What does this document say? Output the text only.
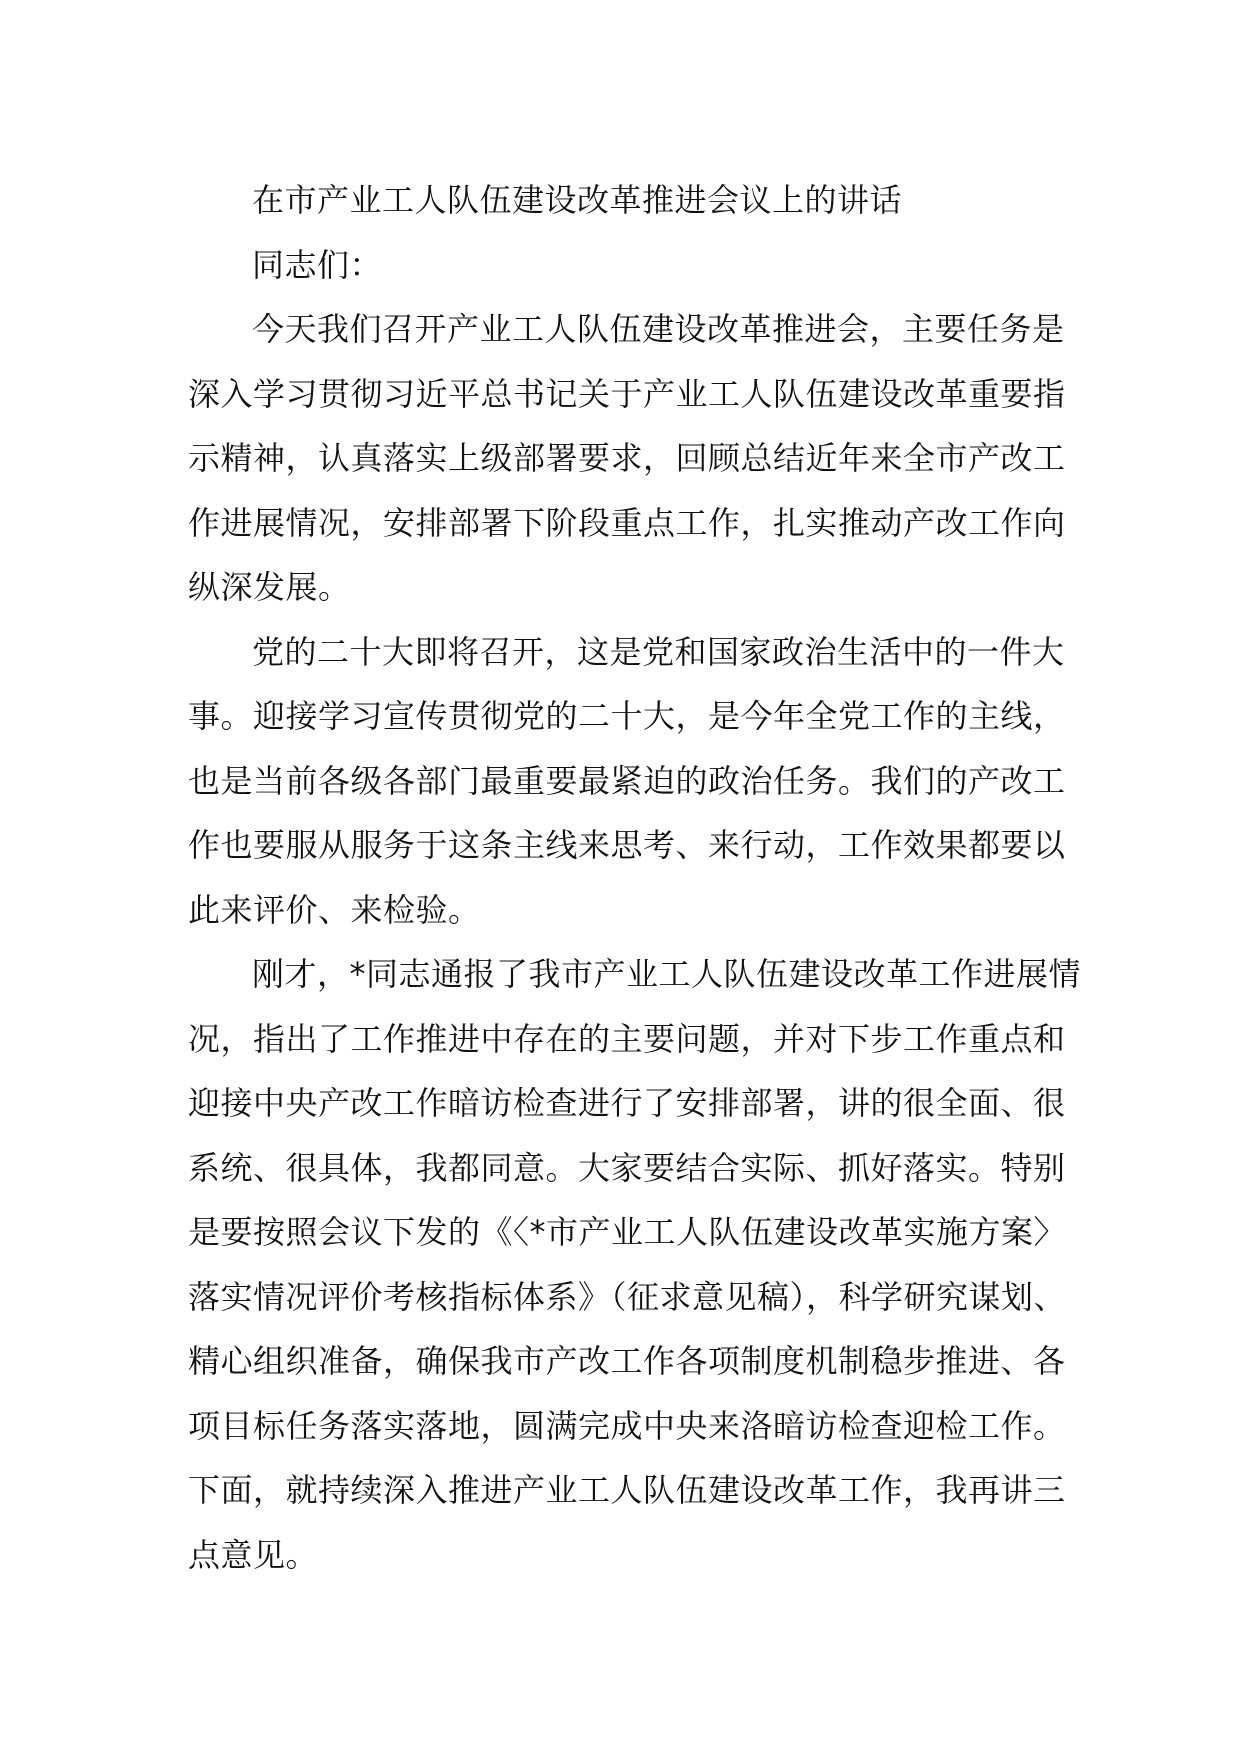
在市产业工人队伍建设改革推进会议上的讲话
同志们：
今天我们召开产业工人队伍建设改革推进会，主要任务是
深入学习贯彻习近平总书记关于产业工人队伍建设改革重要指
示精神，认真落实上级部署要求，回顾总结近年来全市产改工
作进展情况，安排部署下阶段重点工作，扎实推动产改工作向
纵深发展。
党的二十大即将召开，这是党和国家政治生活中的一件大
事。迎接学习宣传贯彻党的二十大，是今年全党工作的主线，
也是当前各级各部门最重要最紧迫的政治任务。我们的产改工
作也要服从服务于这条主线来思考、来行动，工作效果都要以
此来评价、来检验。
刚才，*同志通报了我市产业工人队伍建设改革工作进展情
况，指出了工作推进中存在的主要问题，并对下步工作重点和
迎接中央产改工作暗访检查进行了安排部署，讲的很全面、很
系统、很具体，我都同意。大家要结合实际、抓好落实。特别
是要按照会议下发的《〈*市产业工人队伍建设改革实施方案〉
落实情况评价考核指标体系》（征求意见稿），科学研究谋划、
精心组织准备，确保我市产改工作各项制度机制稳步推进、各
项目标任务落实落地，圆满完成中央来洛暗访检查迎检工作。
下面，就持续深入推进产业工人队伍建设改革工作，我再讲三
点意见。
